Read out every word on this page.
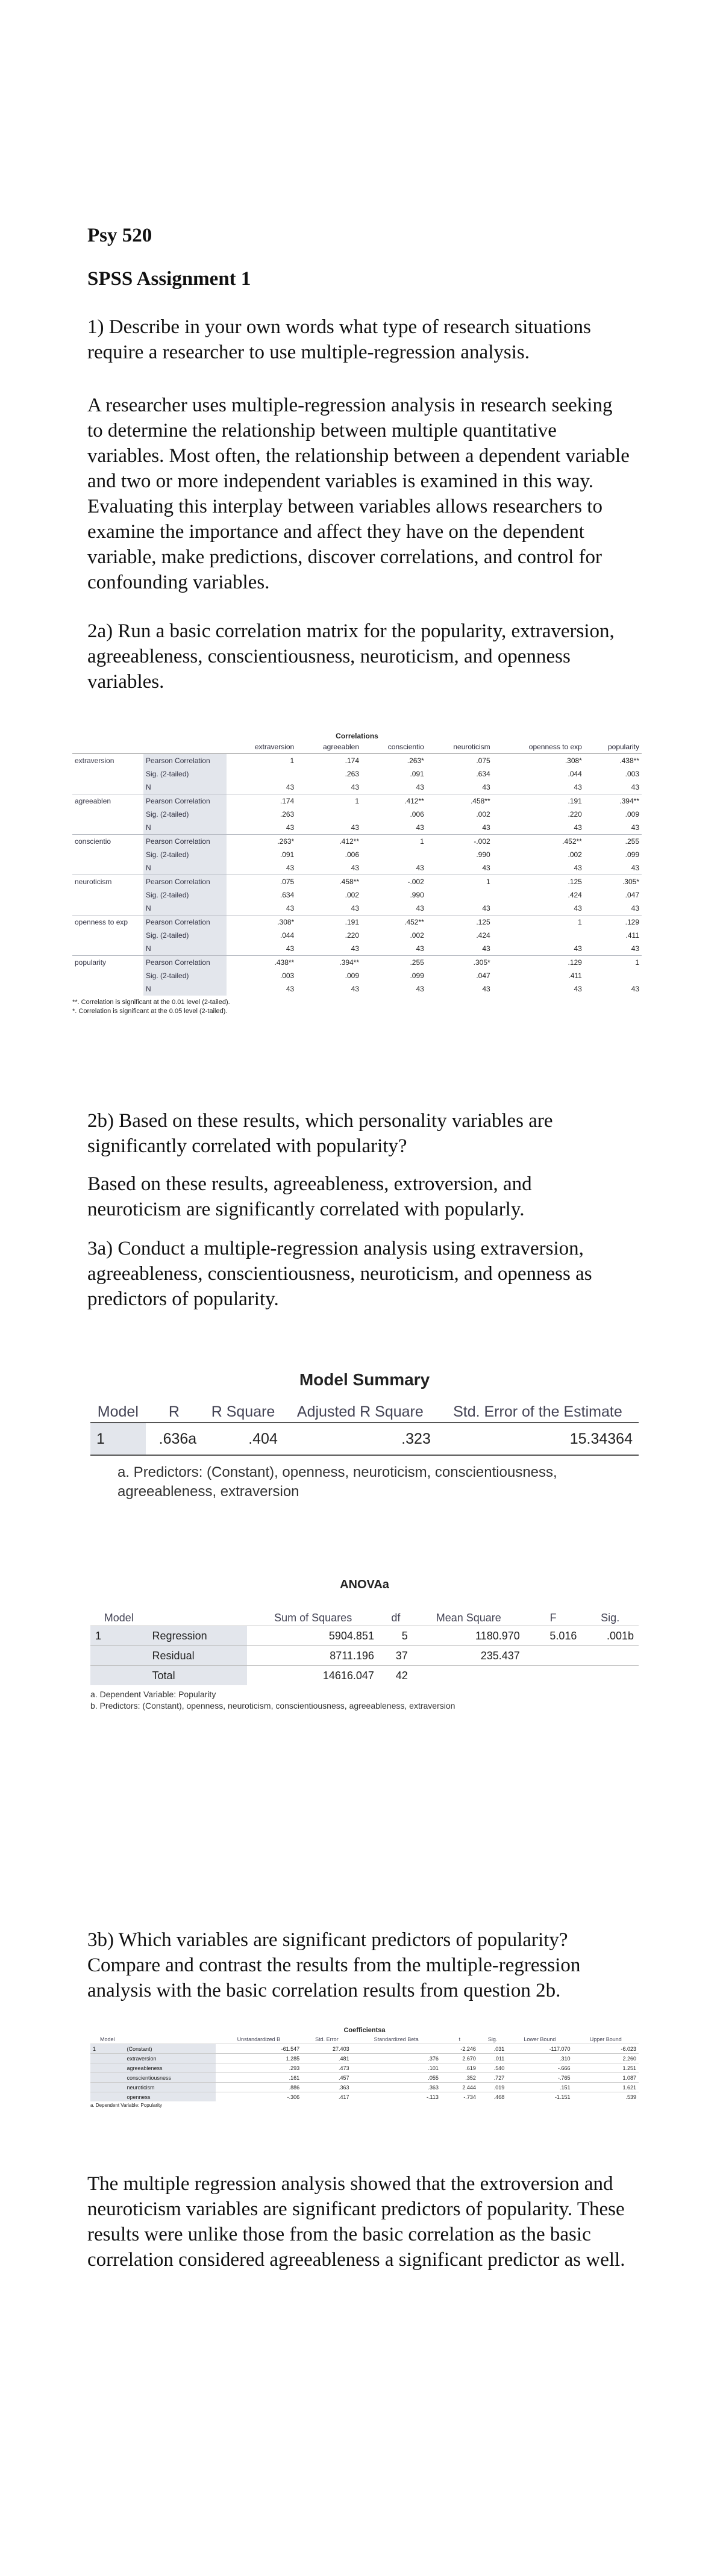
Psy 520

SPSS Assignment 1

1) Describe in your own words what type of research situations require a researcher to use multiple-regression analysis.

A researcher uses multiple-regression analysis in research seeking to determine the relationship between multiple quantitative variables. Most often, the relationship between a dependent variable and two or more independent variables is examined in this way. Evaluating this interplay between variables allows researchers to examine the importance and affect they have on the dependent variable, make predictions, discover correlations, and control for confounding variables.

2a) Run a basic correlation matrix for the popularity, extraversion, agreeableness, conscientiousness, neuroticism, and openness variables.

Correlations
		extraversion	agreeablen	conscientio	neuroticism	openness to exp	popularity
extraversion	Pearson Correlation	1	.174	.263*	.075	.308*	.438**
	Sig. (2-tailed)		.263	.091	.634	.044	.003
	N	43	43	43	43	43	43
agreeablen	Pearson Correlation	.174	1	.412**	.458**	.191	.394**
	Sig. (2-tailed)	.263		.006	.002	.220	.009
	N	43	43	43	43	43	43
conscientio	Pearson Correlation	.263*	.412**	1	-.002	.452**	.255
	Sig. (2-tailed)	.091	.006		.990	.002	.099
	N	43	43	43	43	43	43
neuroticism	Pearson Correlation	.075	.458**	-.002	1	.125	.305*
	Sig. (2-tailed)	.634	.002	.990		.424	.047
	N	43	43	43	43	43	43
openness to exp	Pearson Correlation	.308*	.191	.452**	.125	1	.129
	Sig. (2-tailed)	.044	.220	.002	.424		.411
	N	43	43	43	43	43	43
popularity	Pearson Correlation	.438**	.394**	.255	.305*	.129	1
	Sig. (2-tailed)	.003	.009	.099	.047	.411	
	N	43	43	43	43	43	43
**. Correlation is significant at the 0.01 level (2-tailed).
*. Correlation is significant at the 0.05 level (2-tailed).

2b) Based on these results, which personality variables are significantly correlated with popularity?

Based on these results, agreeableness, extroversion, and neuroticism are significantly correlated with popularly.

3a) Conduct a multiple-regression analysis using extraversion, agreeableness, conscientiousness, neuroticism, and openness as predictors of popularity.

Model Summary
Model	R	R Square	Adjusted R Square	Std. Error of the Estimate
1	.636a	.404	.323	15.34364
a. Predictors: (Constant), openness, neuroticism, conscientiousness, agreeableness, extraversion
ANOVAa
Model		Sum of Squares	df	Mean Square	F	Sig.
1	Regression	5904.851	5	1180.970	5.016	.001b
	Residual	8711.196	37	235.437		
	Total	14616.047	42			
a. Dependent Variable: Popularity
b. Predictors: (Constant), openness, neuroticism, conscientiousness, agreeableness, extraversion

3b) Which variables are significant predictors of popularity? Compare and contrast the results from the multiple-regression analysis with the basic correlation results from question 2b.

Coefficientsa
Model		Unstandardized B	Std. Error	Standardized Beta	t	Sig.	Lower Bound	Upper Bound
1	(Constant)	-61.547	27.403		-2.246	.031	-117.070	-6.023
	extraversion	1.285	.481	.376	2.670	.011	.310	2.260
	agreeableness	.293	.473	.101	.619	.540	-.666	1.251
	conscientiousness	.161	.457	.055	.352	.727	-.765	1.087
	neuroticism	.886	.363	.363	2.444	.019	.151	1.621
	openness	-.306	.417	-.113	-.734	.468	-1.151	.539
a. Dependent Variable: Popularity

The multiple regression analysis showed that the extroversion and neuroticism variables are significant predictors of popularity. These results were unlike those from the basic correlation as the basic correlation considered agreeableness a significant predictor as well.
